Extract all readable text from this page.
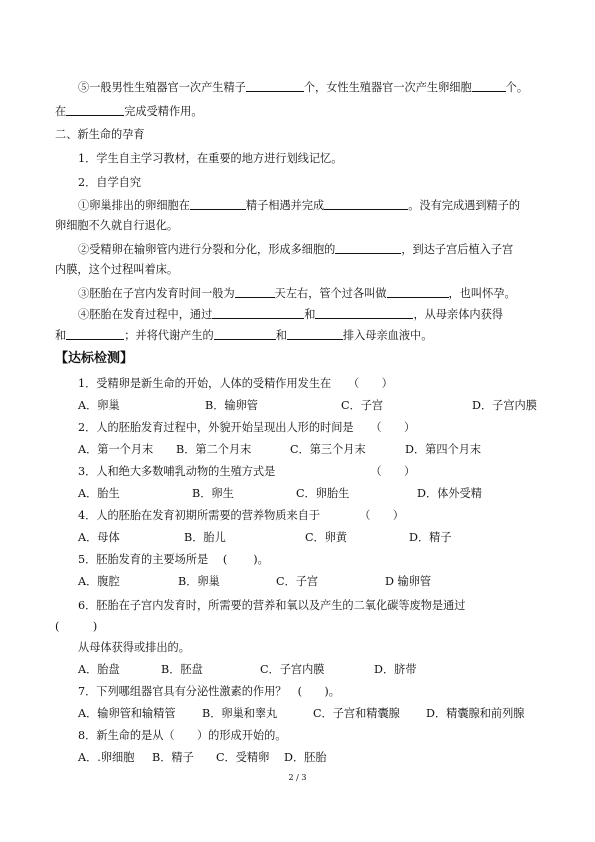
⑤一般男性生殖器官一次产生精子	个，女性生殖器官一次产生卵细胞	个。
在	完成受精作用。
二、新生命的孕育
1．学生自主学习教材，在重要的地方进行划线记忆。
2．自学自究
①卵巢排出的卵细胞在	精子相遇并完成	。没有完成遇到精子的
卵细胞不久就自行退化。
②受精卵在输卵管内进行分裂和分化，形成多细胞的	，到达子宫后植入子宫
内膜，这个过程叫着床。
③胚胎在子宫内发育时间一般为	天左右，管个过各叫做	，也叫怀孕。
④胚胎在发育过程中，通过	和	，从母亲体内获得
和	；并将代谢产生的	和	排入母亲血液中。
【达标检测】
1．受精卵是新生命的开始，人体的受精作用发生在　　（　　）
A．卵巢	B．输卵管	C．子宫	D．子宫内膜
2．人的胚胎发育过程中，外貌开始呈现出人形的时间是　　（　　）
A．第一个月末 B．第二个月末	C．第三个月末	D．第四个月末
3．人和绝大多数哺乳动物的生殖方式是　　　　　　　　　（　　）
A．胎生	B．卵生	C．卵胎生	D．体外受精
4．人的胚胎在发育初期所需要的营养物质来自于　　　　（　　）
A．母体	B．胎儿	C．卵黄	D．精子
5．胚胎发育的主要场所是　 (　　 )。
A．腹腔	B．卵巢	C．子宫	D 输卵管
6．胚胎在子宫内发育时，所需要的营养和氧以及产生的二氧化碳等废物是通过
(　　　)
从母体获得或排出的。
A．胎盘	B．胚盘	C．子宫内膜	D．脐带
7．下列哪组器官具有分泌性激素的作用？　(　　)。
A．输卵管和输精管 B．卵巢和睾丸	C．子宫和精囊腺 D．精囊腺和前列腺
8．新生命的是从（　　）的形成开始的。
A．.卵细胞 B．精子 C．受精卵 D．胚胎
2 / 3
